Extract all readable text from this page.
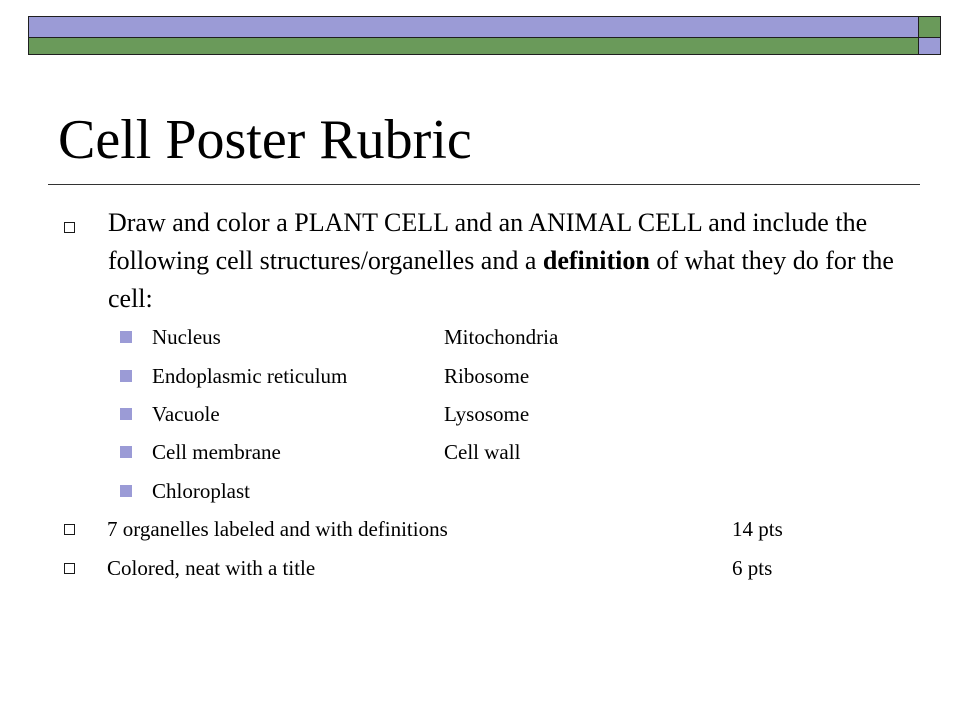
Cell Poster Rubric

Draw and color a PLANT CELL and an ANIMAL CELL and include the following cell structures/organelles and a definition of what they do for the cell:

Nucleus	Mitochondria
Endoplasmic reticulum	Ribosome
Vacuole	Lysosome
Cell membrane	Cell wall
Chloroplast
7 organelles labeled and with definitions	14 pts
Colored, neat with a title	6 pts
